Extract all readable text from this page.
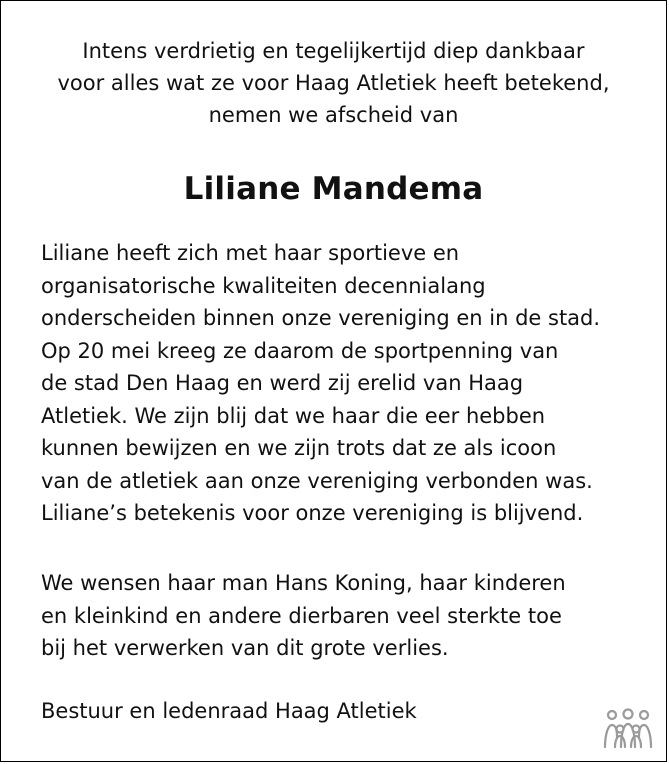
Intens verdrietig en tegelijkertijd diep dankbaar
voor alles wat ze voor Haag Atletiek heeft betekend,
nemen we afscheid van
Liliane Mandema
Liliane heeft zich met haar sportieve en
organisatorische kwaliteiten decennialang
onderscheiden binnen onze vereniging en in de stad.
Op 20 mei kreeg ze daarom de sportpenning van
de stad Den Haag en werd zij erelid van Haag
Atletiek. We zijn blij dat we haar die eer hebben
kunnen bewijzen en we zijn trots dat ze als icoon
van de atletiek aan onze vereniging verbonden was.
Liliane’s betekenis voor onze vereniging is blijvend.
We wensen haar man Hans Koning, haar kinderen
en kleinkind en andere dierbaren veel sterkte toe
bij het verwerken van dit grote verlies.
Bestuur en ledenraad Haag Atletiek
